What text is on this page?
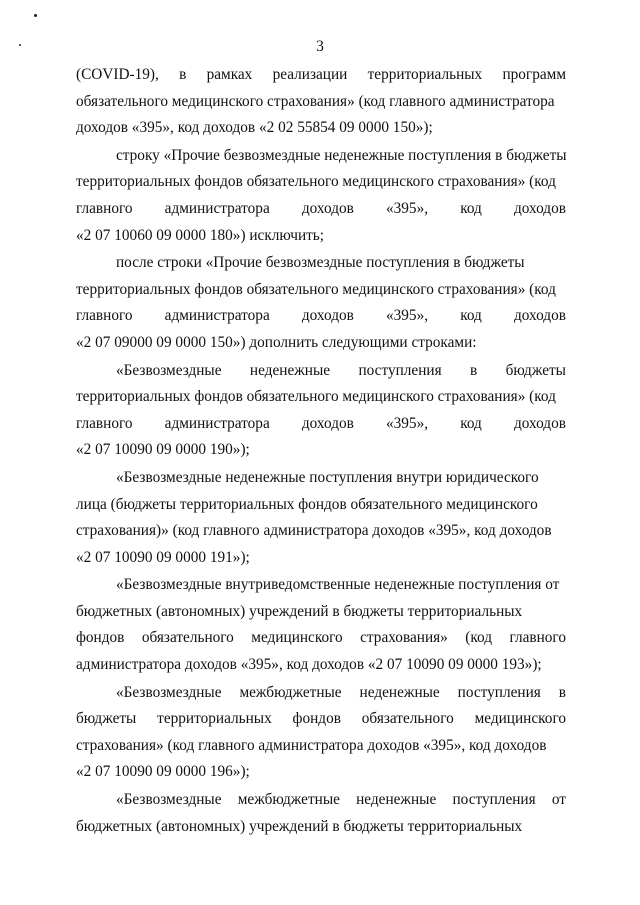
3
(COVID-19), в рамках реализации территориальных программ
обязательного медицинского страхования» (код главного администратора
доходов «395», код доходов «2 02 55854 09 0000 150»);
строку «Прочие безвозмездные неденежные поступления в бюджеты
территориальных фондов обязательного медицинского страхования» (код
главного администратора доходов «395», код доходов
«2 07 10060 09 0000 180») исключить;
после строки «Прочие безвозмездные поступления в бюджеты
территориальных фондов обязательного медицинского страхования» (код
главного администратора доходов «395», код доходов
«2 07 09000 09 0000 150») дополнить следующими строками:
«Безвозмездные неденежные поступления в бюджеты
территориальных фондов обязательного медицинского страхования» (код
главного администратора доходов «395», код доходов
«2 07 10090 09 0000 190»);
«Безвозмездные неденежные поступления внутри юридического
лица (бюджеты территориальных фондов обязательного медицинского
страхования)» (код главного администратора доходов «395», код доходов
«2 07 10090 09 0000 191»);
«Безвозмездные внутриведомственные неденежные поступления от
бюджетных (автономных) учреждений в бюджеты территориальных
фондов обязательного медицинского страхования» (код главного
администратора доходов «395», код доходов «2 07 10090 09 0000 193»);
«Безвозмездные межбюджетные неденежные поступления в
бюджеты территориальных фондов обязательного медицинского
страхования» (код главного администратора доходов «395», код доходов
«2 07 10090 09 0000 196»);
«Безвозмездные межбюджетные неденежные поступления от
бюджетных (автономных) учреждений в бюджеты территориальных
